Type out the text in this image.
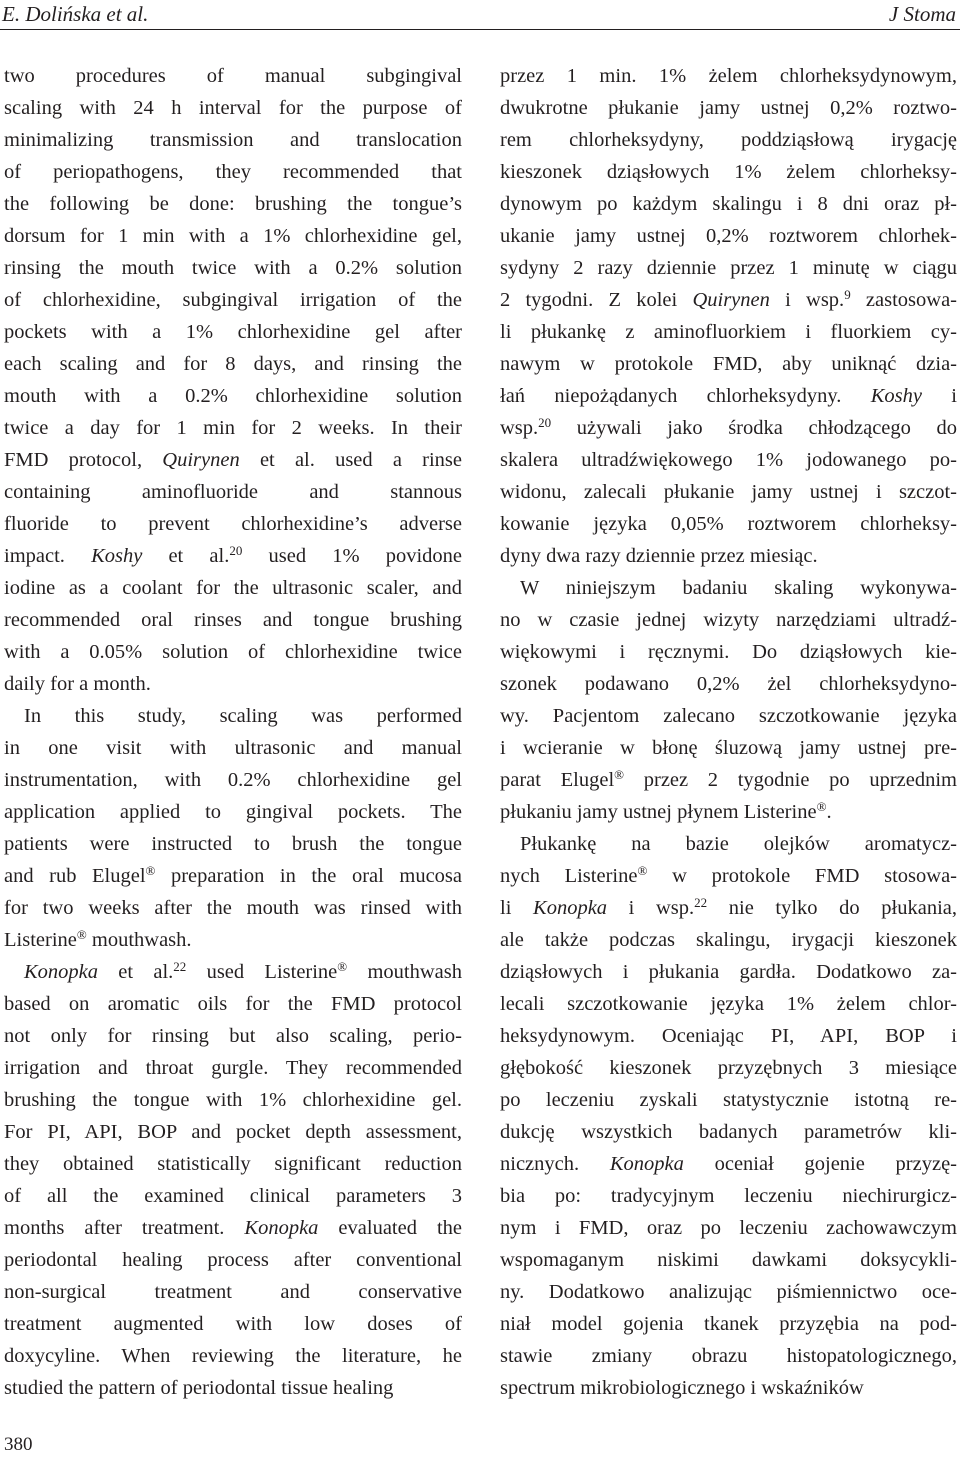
E. Dolińska et al.	J Stoma
two procedures of manual subgingival
scaling with 24 h interval for the purpose of
minimalizing transmission and translocation
of periopathogens, they recommended that
the following be done: brushing the tongue’s
dorsum for 1 min with a 1% chlorhexidine gel,
rinsing the mouth twice with a 0.2% solution
of chlorhexidine, subgingival irrigation of the
pockets with a 1% chlorhexidine gel after
each scaling and for 8 days, and rinsing the
mouth with a 0.2% chlorhexidine solution
twice a day for 1 min for 2 weeks. In their
FMD protocol, Quirynen et al. used a rinse
containing aminofluoride and stannous
fluoride to prevent chlorhexidine’s adverse
impact. Koshy et al.$^{20}$ used 1% povidone
iodine as a coolant for the ultrasonic scaler, and
recommended oral rinses and tongue brushing
with a 0.05% solution of chlorhexidine twice
daily for a month.
In this study, scaling was performed
in one visit with ultrasonic and manual
instrumentation, with 0.2% chlorhexidine gel
application applied to gingival pockets. The
patients were instructed to brush the tongue
and rub Elugel® preparation in the oral mucosa
for two weeks after the mouth was rinsed with
Listerine® mouthwash.
Konopka et al.$^{22}$ used Listerine® mouthwash
based on aromatic oils for the FMD protocol
not only for rinsing but also scaling, perio-
irrigation and throat gurgle. They recommended
brushing the tongue with 1% chlorhexidine gel.
For PI, API, BOP and pocket depth assessment,
they obtained statistically significant reduction
of all the examined clinical parameters 3
months after treatment. Konopka evaluated the
periodontal healing process after conventional
non-surgical treatment and conservative
treatment augmented with low doses of
doxycyline. When reviewing the literature, he
studied the pattern of periodontal tissue healing
przez 1 min. 1% żelem chlorheksydynowym,
dwukrotne płukanie jamy ustnej 0,2% roztwo-
rem chlorheksydyny, poddziąsłową irygację
kieszonek dziąsłowych 1% żelem chlorheksy-
dynowym po każdym skalingu i 8 dni oraz pł-
ukanie jamy ustnej 0,2% roztworem chlorhek-
sydyny 2 razy dziennie przez 1 minutę w ciągu
2 tygodni. Z kolei Quirynen i wsp.$^9$ zastosowa-
li płukankę z aminofluorkiem i fluorkiem cy-
nawym w protokole FMD, aby uniknąć dzia-
łań niepożądanych chlorheksydyny. Koshy i
wsp.$^{20}$ używali jako środka chłodzącego do
skalera ultradźwiękowego 1% jodowanego po-
widonu, zalecali płukanie jamy ustnej i szczot-
kowanie języka 0,05% roztworem chlorheksy-
dyny dwa razy dziennie przez miesiąc.
W niniejszym badaniu skaling wykonywa-
no w czasie jednej wizyty narzędziami ultradź-
więkowymi i ręcznymi. Do dziąsłowych kie-
szonek podawano 0,2% żel chlorheksydyno-
wy. Pacjentom zalecano szczotkowanie języka
i wcieranie w błonę śluzową jamy ustnej pre-
parat Elugel® przez 2 tygodnie po uprzednim
płukaniu jamy ustnej płynem Listerine®.
Płukankę na bazie olejków aromatycz-
nych Listerine® w protokole FMD stosowa-
li Konopka i wsp.$^{22}$ nie tylko do płukania,
ale także podczas skalingu, irygacji kieszonek
dziąsłowych i płukania gardła. Dodatkowo za-
lecali szczotkowanie języka 1% żelem chlor-
heksydynowym. Oceniając PI, API, BOP i
głębokość kieszonek przyzębnych 3 miesiące
po leczeniu zyskali statystycznie istotną re-
dukcję wszystkich badanych parametrów kli-
nicznych. Konopka oceniał gojenie przyzę-
bia po: tradycyjnym leczeniu niechirurgicz-
nym i FMD, oraz po leczeniu zachowawczym
wspomaganym niskimi dawkami doksycykli-
ny. Dodatkowo analizując piśmiennictwo oce-
niał model gojenia tkanek przyzębia na pod-
stawie zmiany obrazu histopatologicznego,
spectrum mikrobiologicznego i wskaźników
380
